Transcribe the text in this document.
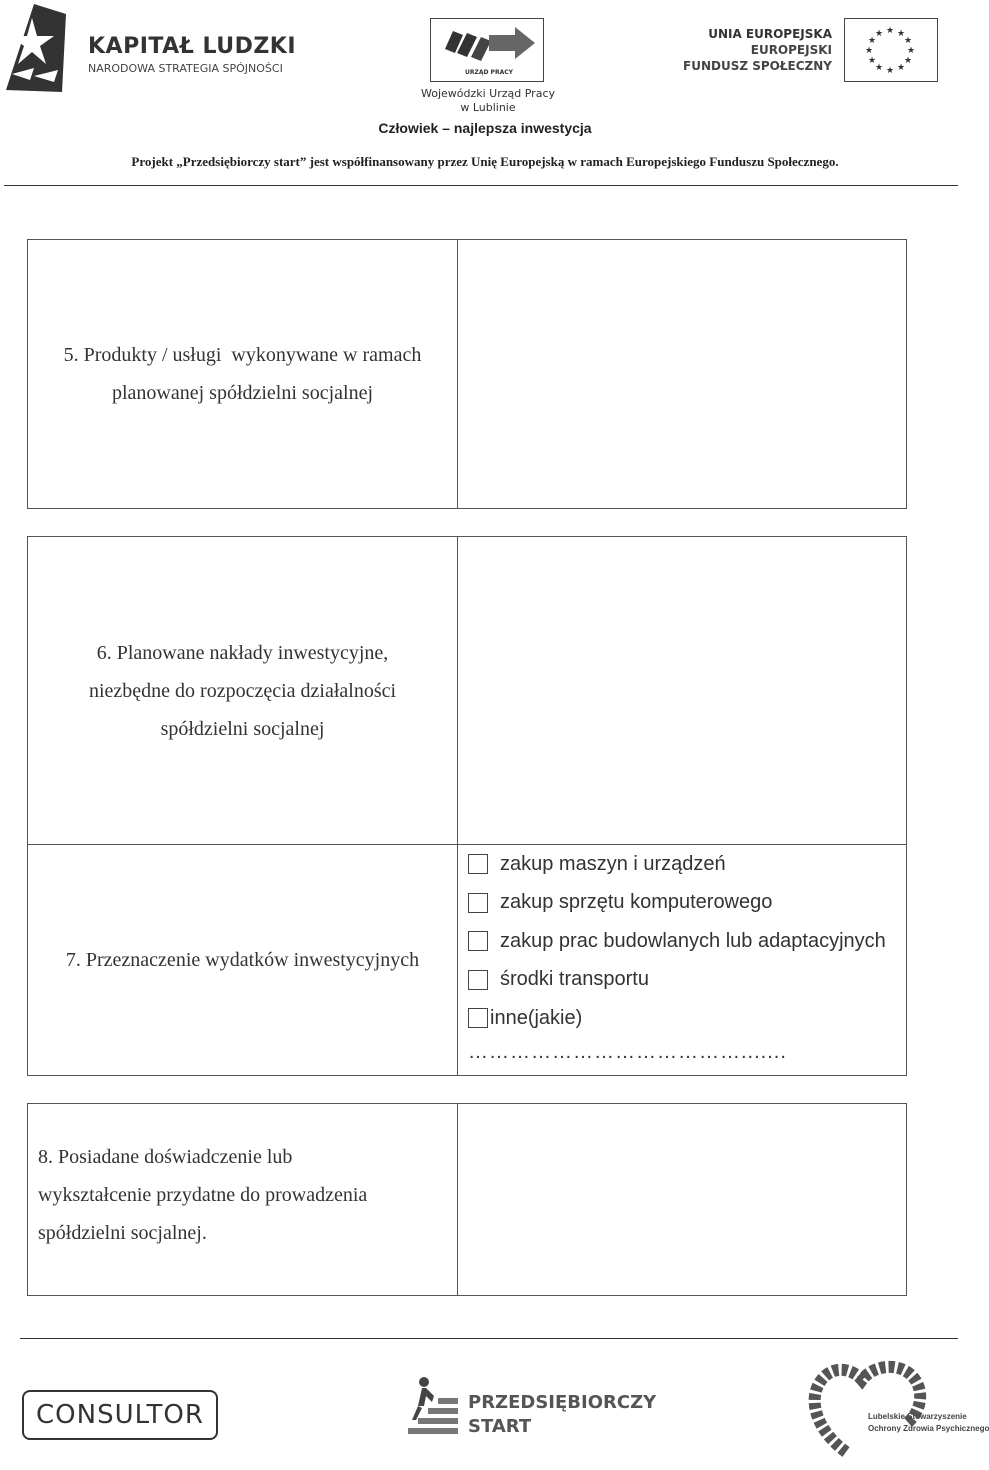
KAPITAŁ LUDZKI
NARODOWA STRATEGIA SPÓJNOŚCI	URZĄD PRACY
Wojewódzki Urząd Pracy
w Lublinie
UNIA EUROPEJSKA
EUROPEJSKI
FUNDUSZ SPOŁECZNY
★ ★
★
★
★
★
★
★
★
★
★
★
Człowiek – najlepsza inwestycja
Projekt „Przedsiębiorczy start” jest współfinansowany przez Unię Europejską w ramach Europejskiego Funduszu Społecznego.
5. Produkty / usługi  wykonywane w ramach
planowanej spółdzielni socjalnej
6. Planowane nakłady inwestycyjne,
niezbędne do rozpoczęcia działalności
spółdzielni socjalnej
7. Przeznaczenie wydatków inwestycyjnych
zakup maszyn i urządzeń
zakup sprzętu komputerowego
zakup prac budowlanych lub adaptacyjnych
środki transportu
inne(jakie)
………………………………….......
8. Posiadane doświadczenie lub
wykształcenie przydatne do prowadzenia
spółdzielni socjalnej.
CONSULTOR	PRZEDSIĘBIORCZY
START	Lubelskie Stowarzyszenie
Ochrony Zdrowia Psychicznego
